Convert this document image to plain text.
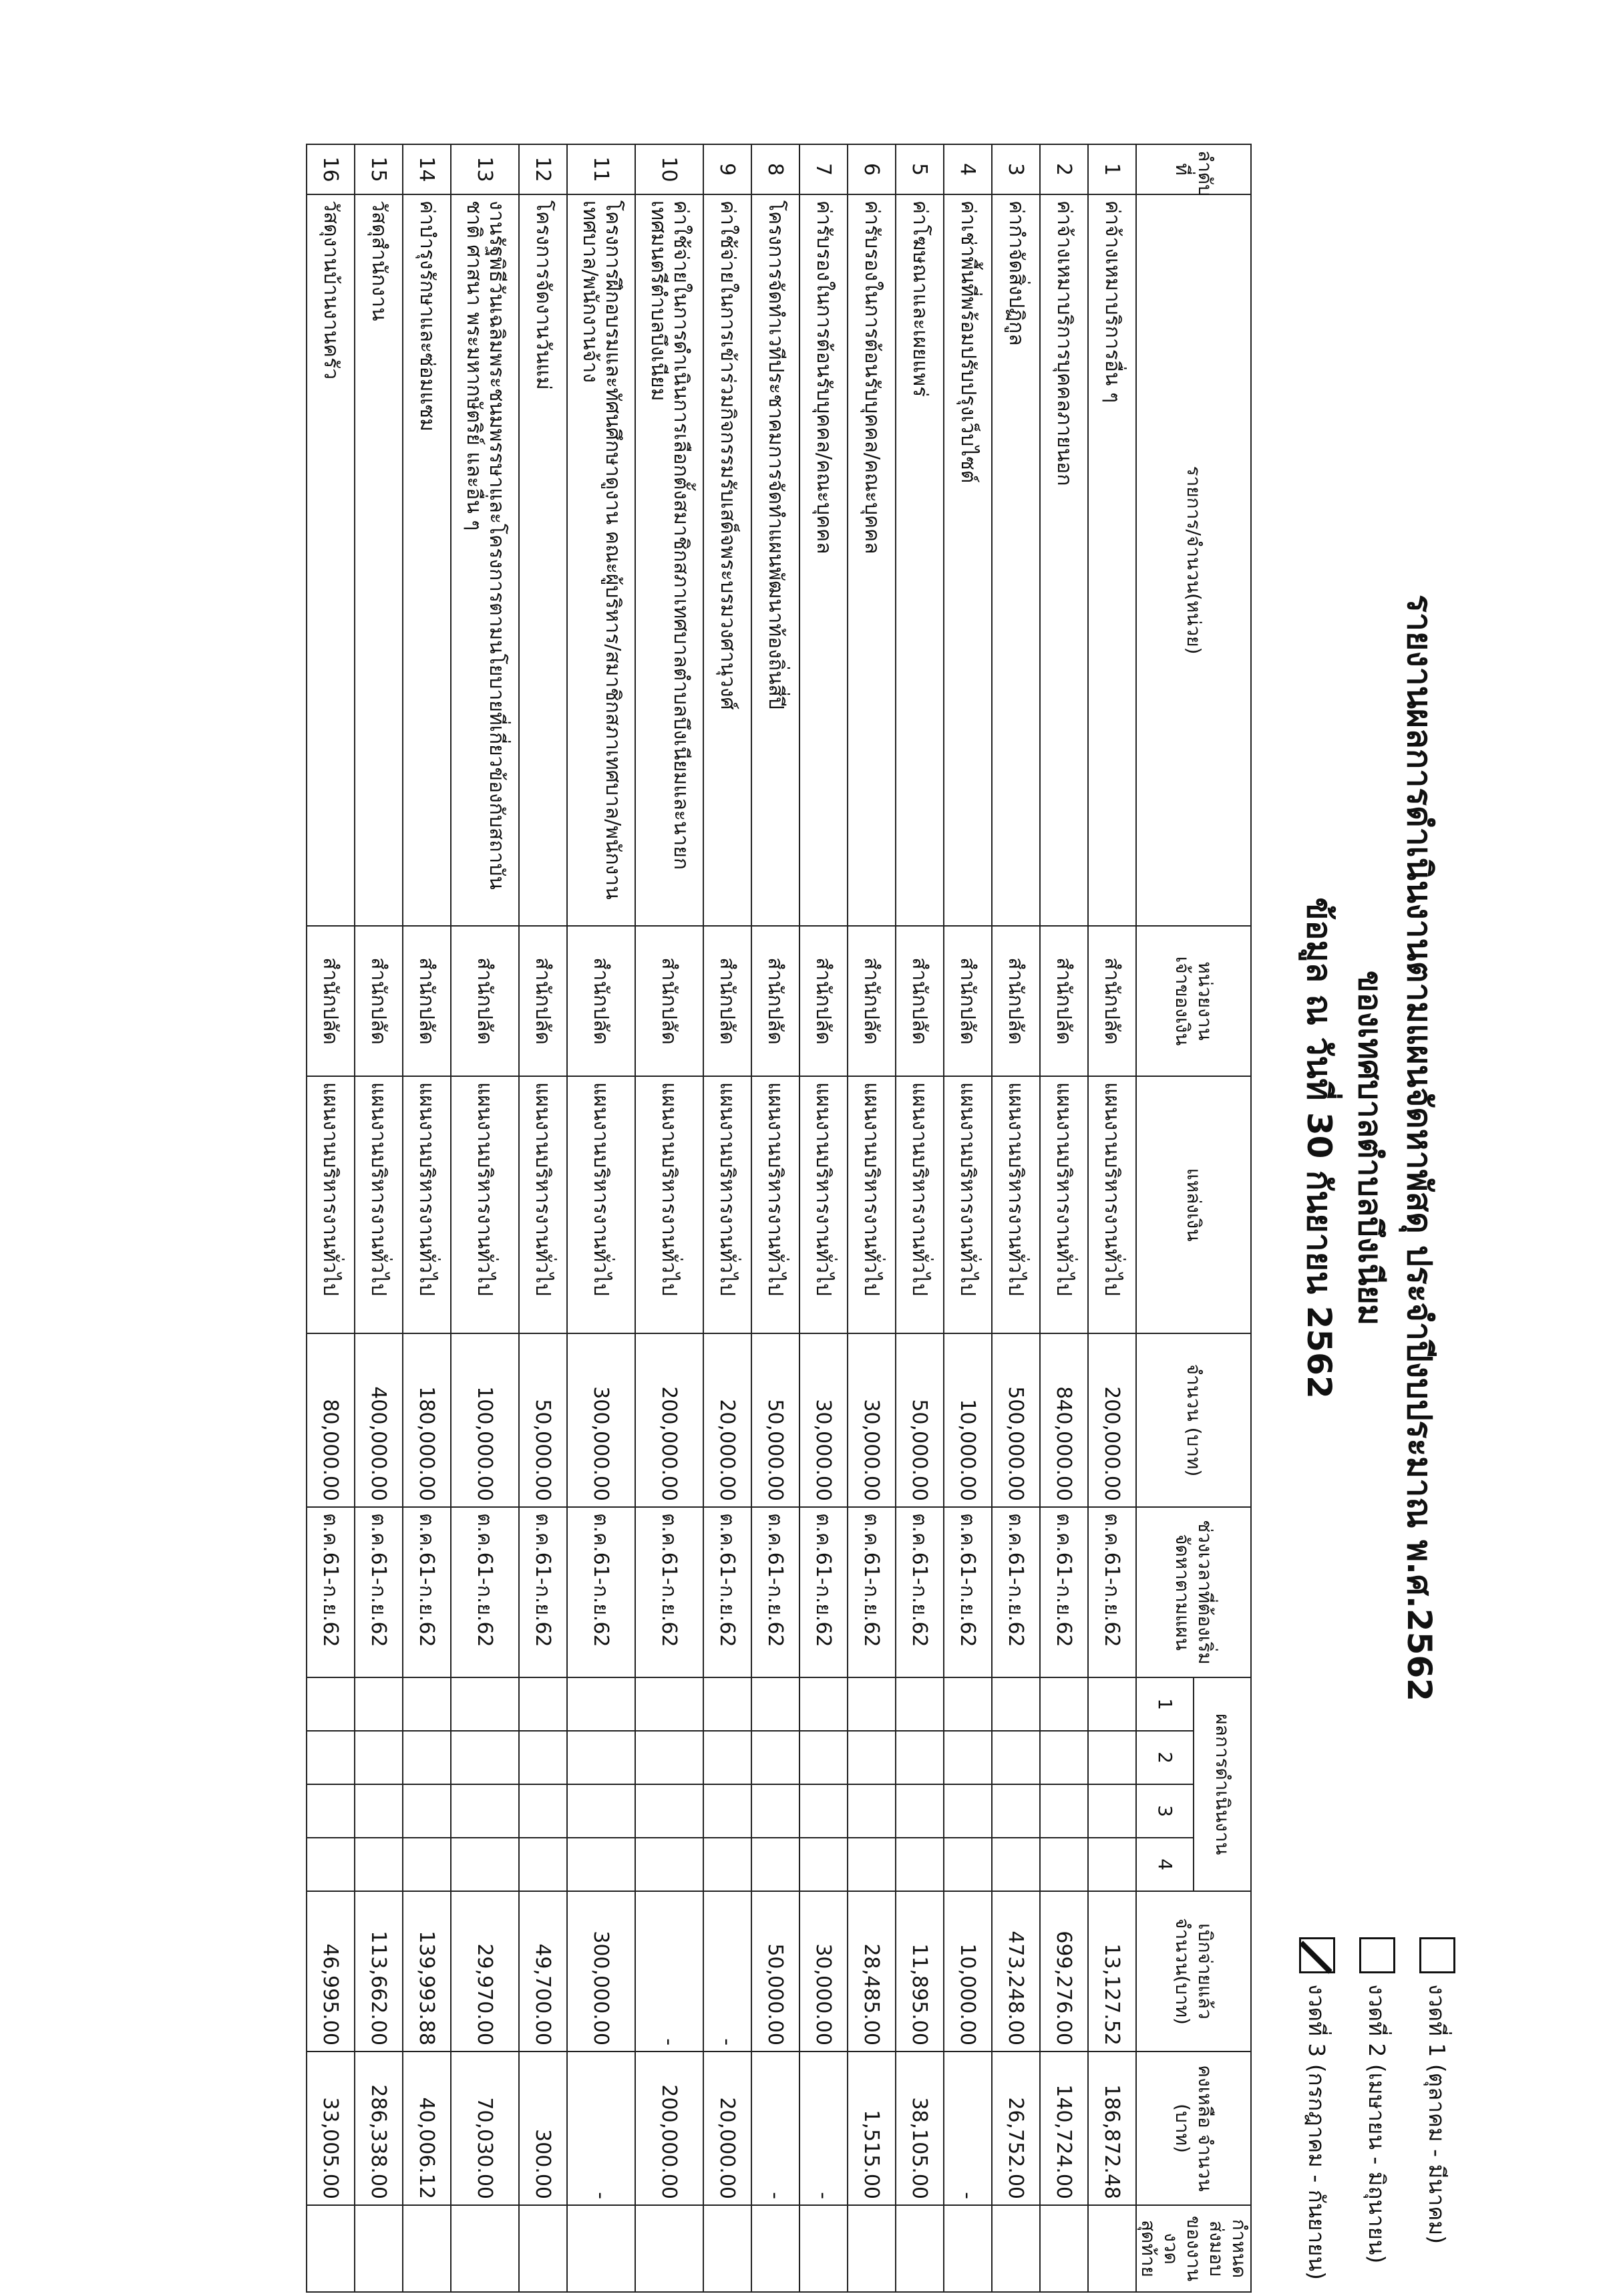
รายงานผลการดำเนินงานตามแผนจัดหาพัสดุ ประจำปีงบประมาณ พ.ศ.2562
ของเทศบาลตำบลบึงเนียม
ข้อมูล ณ วันที่ 30 กันยายน 2562
งวดที่ 1 (ตุลาคม - มีนาคม)
งวดที่ 2 (เมษายน - มิถุนายน)
งวดที่ 3 (กรกฎาคม - กันยายน)
ลำดับที่	รายการ/จำนวน(หน่วย)	หน่วยงานเจ้าของเงิน	แหล่งเงิน	จำนวน (บาท)	ช่วงเวลาที่ต้องเริ่มจัดหาตามแผน	ผลการดำเนินงาน				เบิกจ่ายแล้ว จำนวน(บาท)	คงเหลือ จำนวน (บาท)	กำหนดส่งมอบของงานงวดสุดท้าย
						1	2	3	4			
1	ค่าจ้างเหมาบริการอื่น ๆ	สำนักปลัด	แผนงานบริหารงานทั่วไป	200,000.00	ต.ค.61-ก.ย.62					13,127.52	186,872.48	
2	ค่าจ้างเหมาบริการบุคคลภายนอก	สำนักปลัด	แผนงานบริหารงานทั่วไป	840,000.00	ต.ค.61-ก.ย.62					699,276.00	140,724.00	
3	ค่ากำจัดสิ่งปฏิกูล	สำนักปลัด	แผนงานบริหารงานทั่วไป	500,000.00	ต.ค.61-ก.ย.62					473,248.00	26,752.00	
4	ค่าเช่าพื้นที่พร้อมปรับปรุงเว็บไซต์	สำนักปลัด	แผนงานบริหารงานทั่วไป	10,000.00	ต.ค.61-ก.ย.62					10,000.00	-	
5	ค่าโฆษณาและเผยแพร่	สำนักปลัด	แผนงานบริหารงานทั่วไป	50,000.00	ต.ค.61-ก.ย.62					11,895.00	38,105.00	
6	ค่ารับรองในการต้อนรับบุคคล/คณะบุคคล	สำนักปลัด	แผนงานบริหารงานทั่วไป	30,000.00	ต.ค.61-ก.ย.62					28,485.00	1,515.00	
7	ค่ารับรองในการต้อนรับบุคคล/คณะบุคคล	สำนักปลัด	แผนงานบริหารงานทั่วไป	30,000.00	ต.ค.61-ก.ย.62					30,000.00	-	
8	โครงการจัดทำเวทีประชาคมการจัดทำแผนพัฒนาท้องถิ่นสี่ปี	สำนักปลัด	แผนงานบริหารงานทั่วไป	50,000.00	ต.ค.61-ก.ย.62					50,000.00	-	
9	ค่าใช้จ่ายในการเข้าร่วมกิจกรรมรับเสด็จพระบรมวงศานุวงศ์	สำนักปลัด	แผนงานบริหารงานทั่วไป	20,000.00	ต.ค.61-ก.ย.62					-	20,000.00	
10	ค่าใช้จ่ายในการดำเนินการเลือกตั้งสมาชิกสภาเทศบาลตำบลบึงเนียมและนายกเทศมนตรีตำบลบึงเนียม	สำนักปลัด	แผนงานบริหารงานทั่วไป	200,000.00	ต.ค.61-ก.ย.62					-	200,000.00	
11	โครงการฝึกอบรมและทัศนศึกษาดูงาน คณะผู้บริหาร/สมาชิกสภาเทศบาล/พนักงานเทศบาล/พนักงานจ้าง	สำนักปลัด	แผนงานบริหารงานทั่วไป	300,000.00	ต.ค.61-ก.ย.62					300,000.00	-	
12	โครงการจัดงานวันแม่	สำนักปลัด	แผนงานบริหารงานทั่วไป	50,000.00	ต.ค.61-ก.ย.62					49,700.00	300.00	
13	งานรัฐพิธีวันเฉลิมพระชนมพรรษาและโครงการตามนโยบายที่เกี่ยวข้องกับสถาบัน ชาติ ศาสนา พระมหากษัตริย์ และอื่น ๆ	สำนักปลัด	แผนงานบริหารงานทั่วไป	100,000.00	ต.ค.61-ก.ย.62					29,970.00	70,030.00	
14	ค่าบำรุงรักษาและซ่อมแซม	สำนักปลัด	แผนงานบริหารงานทั่วไป	180,000.00	ต.ค.61-ก.ย.62					139,993.88	40,006.12	
15	วัสดุสำนักงาน	สำนักปลัด	แผนงานบริหารงานทั่วไป	400,000.00	ต.ค.61-ก.ย.62					113,662.00	286,338.00	
16	วัสดุงานบ้านงานครัว	สำนักปลัด	แผนงานบริหารงานทั่วไป	80,000.00	ต.ค.61-ก.ย.62					46,995.00	33,005.00	
